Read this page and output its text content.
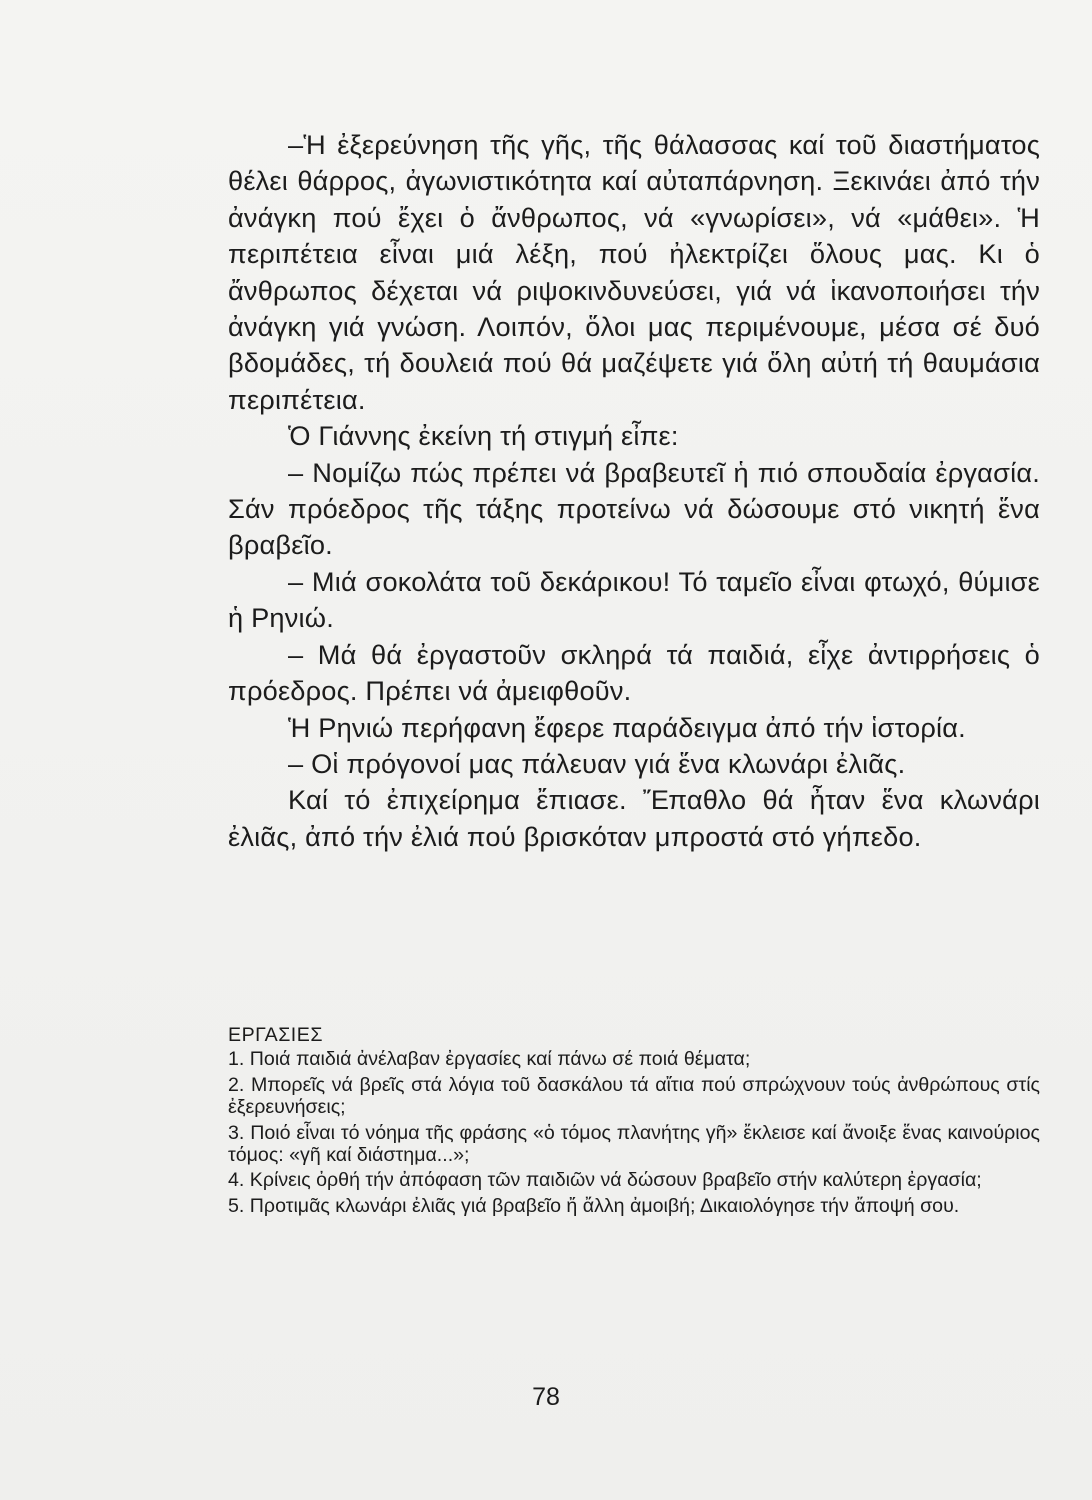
–Ἡ ἐξερεύνηση τῆς γῆς, τῆς θάλασσας καί τοῦ διαστήματος θέλει θάρρος, ἀγωνιστικότητα καί αὐταπάρνηση. Ξεκινάει ἀπό τήν ἀνάγκη πού ἔχει ὁ ἄνθρωπος, νά «γνωρίσει», νά «μάθει». Ἡ περιπέτεια εἶναι μιά λέξη, πού ἠλεκτρίζει ὅλους μας. Κι ὁ ἄνθρωπος δέχεται νά ριψοκινδυνεύσει, γιά νά ἱκανοποιήσει τήν ἀνάγκη γιά γνώση. Λοιπόν, ὅλοι μας περιμένουμε, μέσα σέ δυό βδομάδες, τή δουλειά πού θά μαζέψετε γιά ὅλη αὐτή τή θαυμάσια περιπέτεια.

Ὁ Γιάννης ἐκείνη τή στιγμή εἶπε:

– Νομίζω πώς πρέπει νά βραβευτεῖ ἡ πιό σπουδαία ἐργασία. Σάν πρόεδρος τῆς τάξης προτείνω νά δώσουμε στό νικητή ἕνα βραβεῖο.

– Μιά σοκολάτα τοῦ δεκάρικου! Τό ταμεῖο εἶναι φτωχό, θύμισε ἡ Ρηνιώ.

– Μά θά ἐργαστοῦν σκληρά τά παιδιά, εἶχε ἀντιρρήσεις ὁ πρόεδρος. Πρέπει νά ἀμειφθοῦν.

Ἡ Ρηνιώ περήφανη ἔφερε παράδειγμα ἀπό τήν ἱστορία.

– Οἱ πρόγονοί μας πάλευαν γιά ἕνα κλωνάρι ἐλιᾶς.

Καί τό ἐπιχείρημα ἔπιασε. Ἔπαθλο θά ἦταν ἕνα κλωνάρι ἐλιᾶς, ἀπό τήν ἐλιά πού βρισκόταν μπροστά στό γήπεδο.

ΕΡΓΑΣΙΕΣ
1. Ποιά παιδιά ἀνέλαβαν ἐργασίες καί πάνω σέ ποιά θέματα;
2. Μπορεῖς νά βρεῖς στά λόγια τοῦ δασκάλου τά αἴτια πού σπρώχνουν τούς ἀνθρώπους στίς ἐξερευνήσεις;
3. Ποιό εἶναι τό νόημα τῆς φράσης «ὁ τόμος πλανήτης γῆ» ἔκλεισε καί ἄνοιξε ἕνας καινούριος τόμος: «γῆ καί διάστημα...»;
4. Κρίνεις ὀρθή τήν ἀπόφαση τῶν παιδιῶν νά δώσουν βραβεῖο στήν καλύτερη ἐργασία;
5. Προτιμᾶς κλωνάρι ἐλιᾶς γιά βραβεῖο ἤ ἄλλη ἀμοιβή; Δικαιολόγησε τήν ἄποψή σου.
78
